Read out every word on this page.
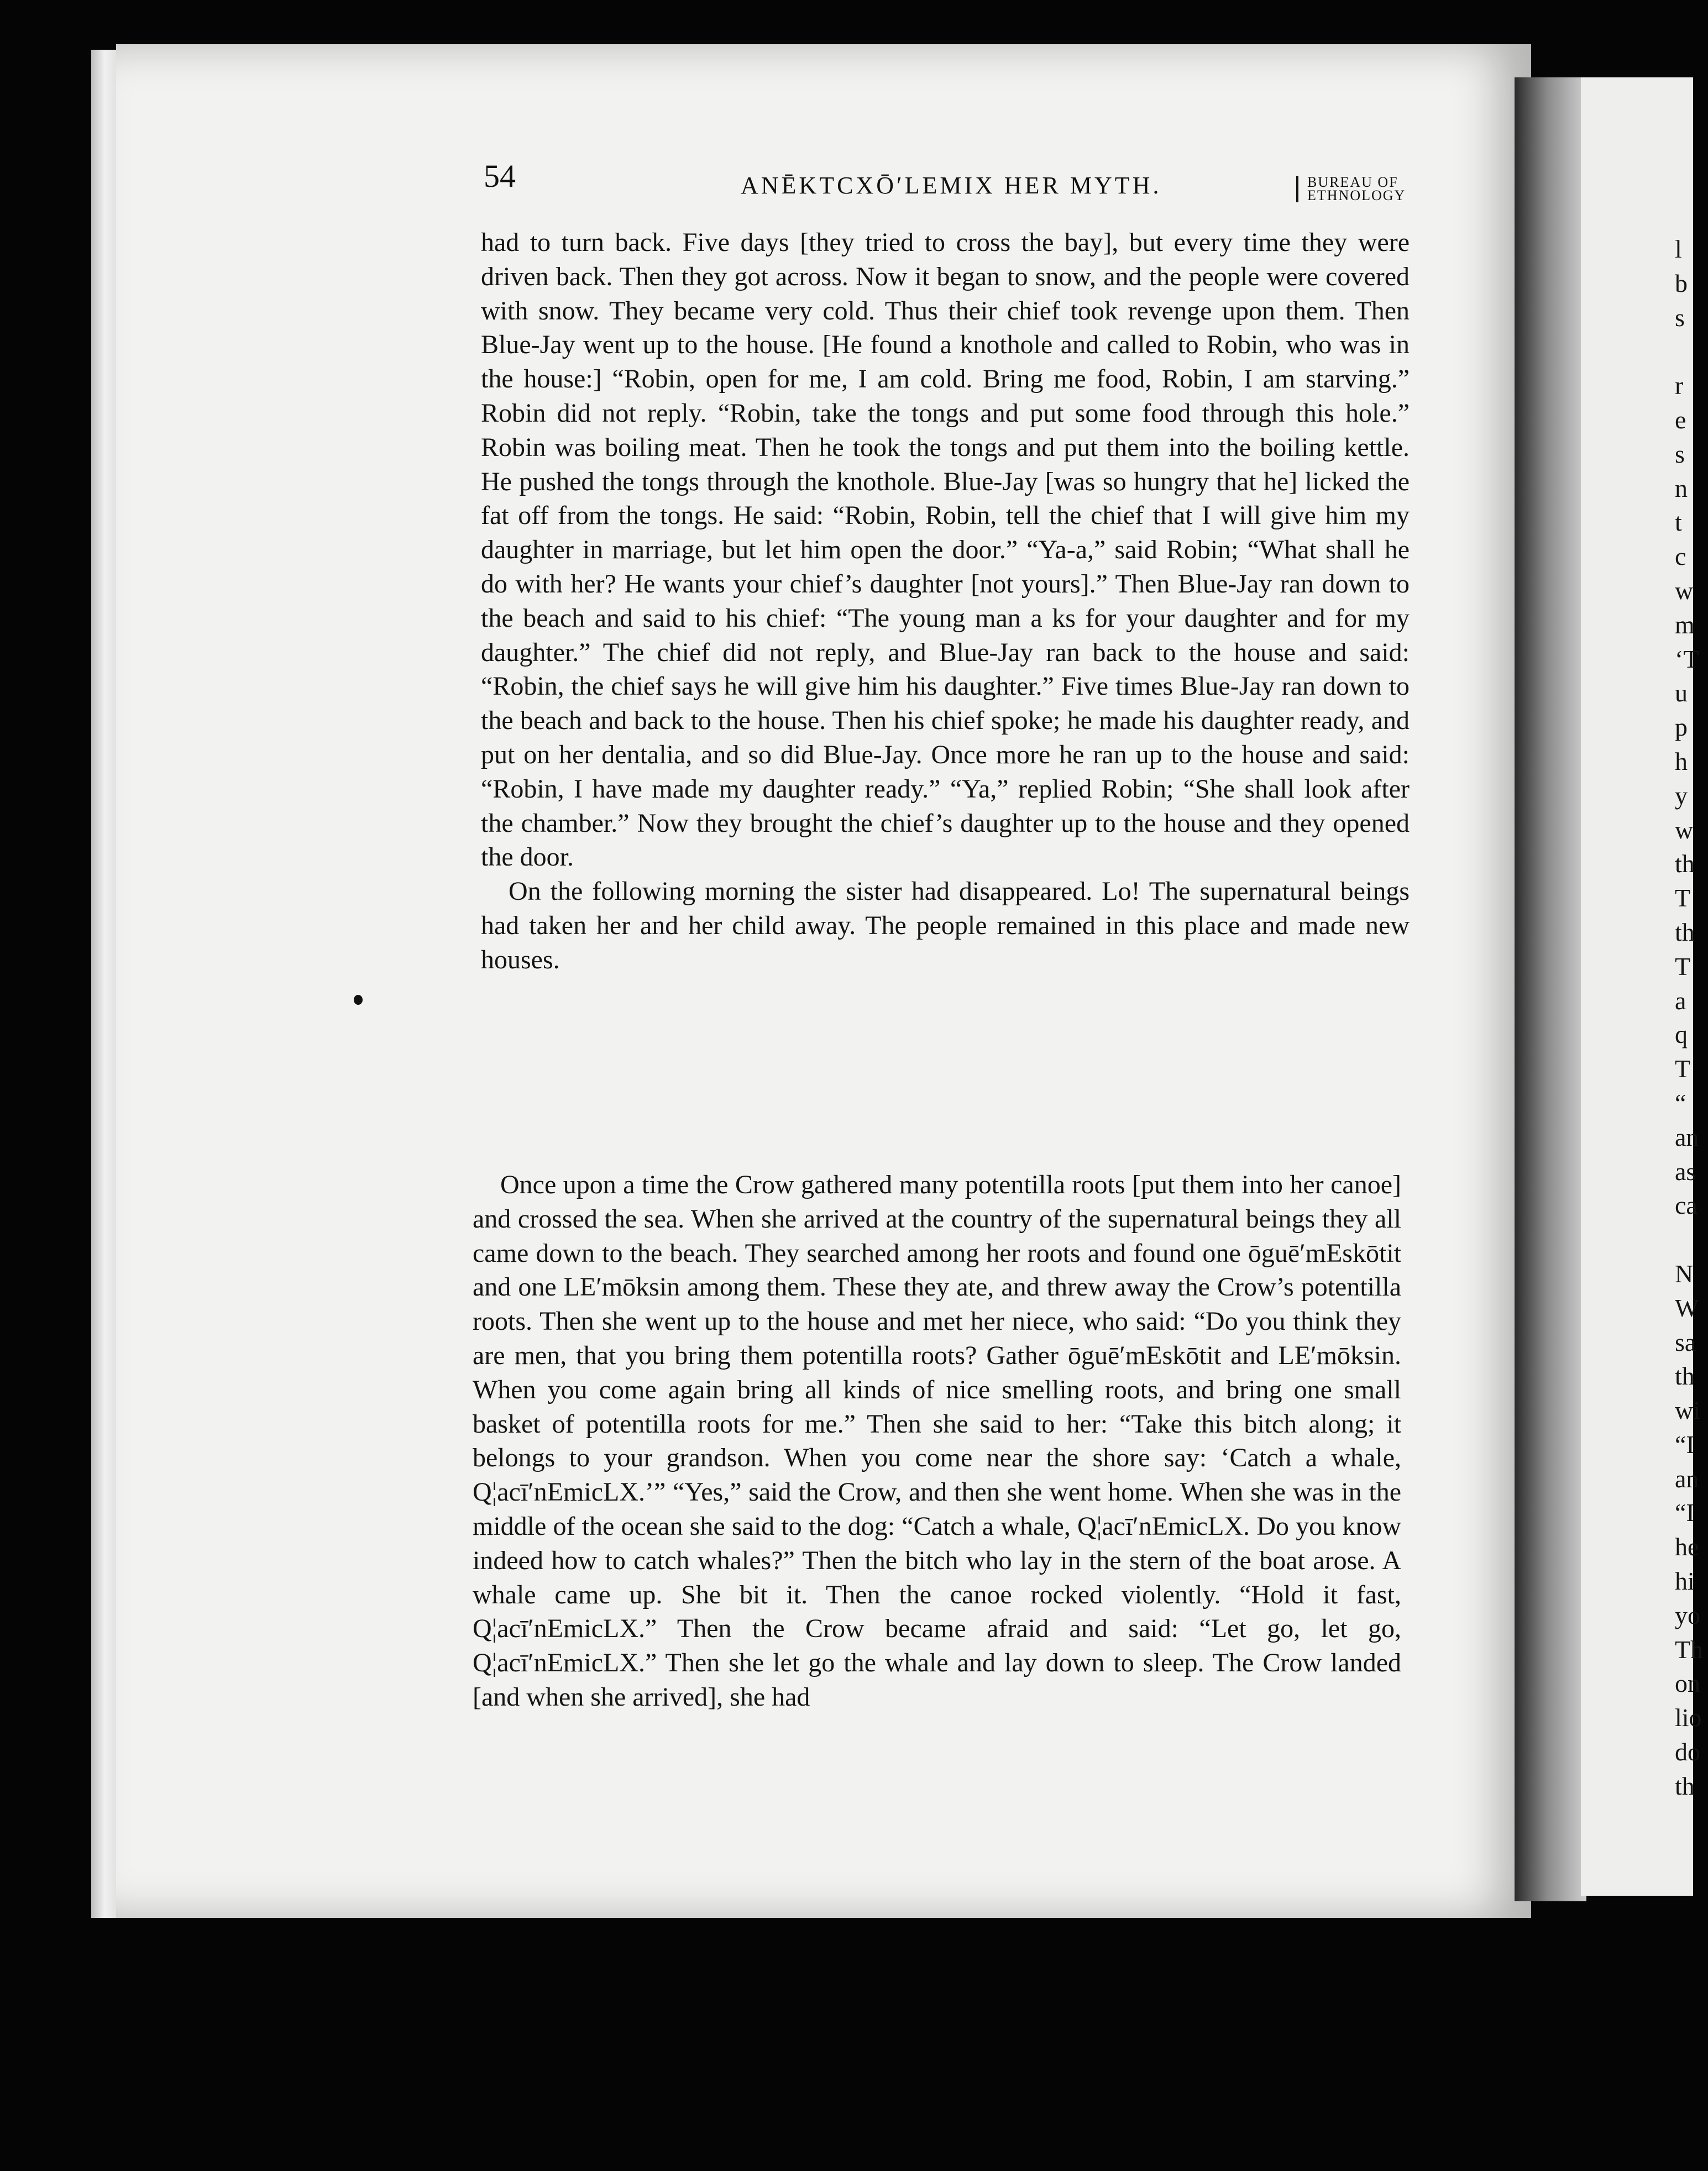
l
b
s
r
e
s
n
t
c
w
m
‘T
u
p
h
y
w
th
T
th
T
a
q
T
“
an
as
ca
N
W
sa
th
wi
“I
an
“I
he
hi
yo
Th
on
lio
do
th
54	ANĒKTCXŌ′LEMIX HER MYTH.	BUREAU OF
ETHNOLOGY

had to turn back. Five days [they tried to cross the bay], but every time they were driven back. Then they got across. Now it began to snow, and the people were covered with snow. They became very cold. Thus their chief took revenge upon them. Then Blue-Jay went up to the house. [He found a knothole and called to Robin, who was in the house:] “Robin, open for me, I am cold. Bring me food, Robin, I am starving.” Robin did not reply. “Robin, take the tongs and put some food through this hole.” Robin was boiling meat. Then he took the tongs and put them into the boiling kettle. He pushed the tongs through the knothole. Blue-Jay [was so hungry that he] licked the fat off from the tongs. He said: “Robin, Robin, tell the chief that I will give him my daughter in marriage, but let him open the door.” “Ya-a,” said Robin; “What shall he do with her? He wants your chief’s daughter [not yours].” Then Blue-Jay ran down to the beach and said to his chief: “The young man a ks for your daughter and for my daughter.” The chief did not reply, and Blue-Jay ran back to the house and said: “Robin, the chief says he will give him his daughter.” Five times Blue-Jay ran down to the beach and back to the house. Then his chief spoke; he made his daughter ready, and put on her dentalia, and so did Blue-Jay. Once more he ran up to the house and said: “Robin, I have made my daughter ready.” “Ya,” replied Robin; “She shall look after the chamber.” Now they brought the chief’s daughter up to the house and they opened the door.

On the following morning the sister had disappeared. Lo! The supernatural beings had taken her and her child away. The people remained in this place and made new houses.

Once upon a time the Crow gathered many potentilla roots [put them into her canoe] and crossed the sea. When she arrived at the country of the supernatural beings they all came down to the beach. They searched among her roots and found one ōguē′mEskōtit and one LE′mōksin among them. These they ate, and threw away the Crow’s potentilla roots. Then she went up to the house and met her niece, who said: “Do you think they are men, that you bring them potentilla roots? Gather ōguē′mEskōtit and LE′mōksin. When you come again bring all kinds of nice smelling roots, and bring one small basket of potentilla roots for me.” Then she said to her: “Take this bitch along; it belongs to your grandson. When you come near the shore say: ‘Catch a whale, Q¦acī′nEmicLX.’” “Yes,” said the Crow, and then she went home. When she was in the middle of the ocean she said to the dog: “Catch a whale, Q¦acī′nEmicLX. Do you know indeed how to catch whales?” Then the bitch who lay in the stern of the boat arose. A whale came up. She bit it. Then the canoe rocked violently. “Hold it fast, Q¦acī′nEmicLX.” Then the Crow became afraid and said: “Let go, let go, Q¦acī′nEmicLX.” Then she let go the whale and lay down to sleep. The Crow landed [and when she arrived], she had
